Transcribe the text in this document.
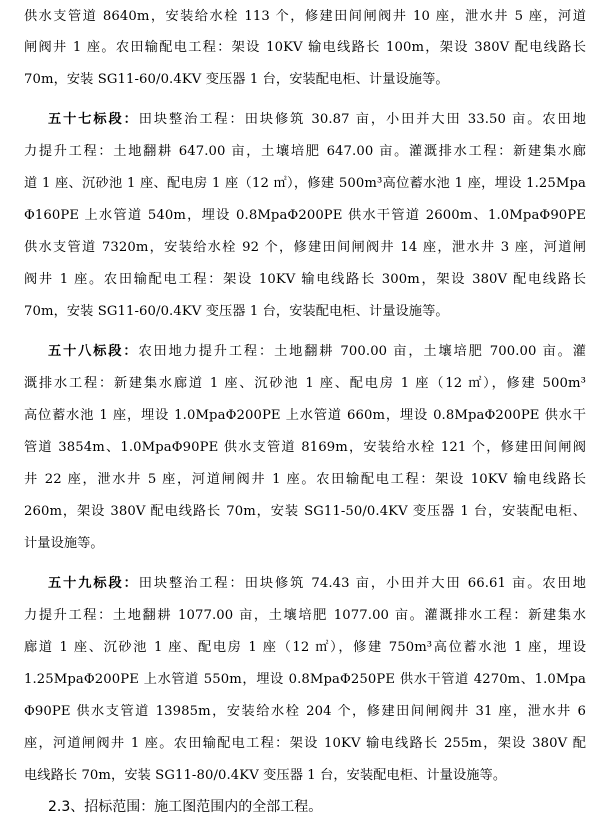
供水支管道 8640m，安装给水栓 113 个，修建田间闸阀井 10 座，泄水井 5 座，河道
闸阀井 1 座。农田输配电工程：架设 10KV 输电线路长 100m，架设 380V 配电线路长
70m，安装 SG11-60/0.4KV 变压器 1 台，安装配电柜、计量设施等。
五十七标段：田块整治工程：田块修筑 30.87 亩，小田并大田 33.50 亩。农田地
力提升工程：土地翻耕 647.00 亩，土壤培肥 647.00 亩。灌溉排水工程：新建集水廊
道 1 座、沉砂池 1 座、配电房 1 座（12 ㎡），修建 500m³高位蓄水池 1 座，埋设 1.25Mpa
Φ160PE 上水管道 540m，埋设 0.8MpaΦ200PE 供水干管道 2600m、1.0MpaΦ90PE
供水支管道 7320m，安装给水栓 92 个，修建田间闸阀井 14 座，泄水井 3 座，河道闸
阀井 1 座。农田输配电工程：架设 10KV 输电线路长 300m，架设 380V 配电线路长
70m，安装 SG11-60/0.4KV 变压器 1 台，安装配电柜、计量设施等。
五十八标段：农田地力提升工程：土地翻耕 700.00 亩，土壤培肥 700.00 亩。灌
溉排水工程：新建集水廊道 1 座、沉砂池 1 座、配电房 1 座（12 ㎡），修建 500m³
高位蓄水池 1 座，埋设 1.0MpaΦ200PE 上水管道 660m，埋设 0.8MpaΦ200PE 供水干
管道 3854m、1.0MpaΦ90PE 供水支管道 8169m，安装给水栓 121 个，修建田间闸阀
井 22 座，泄水井 5 座，河道闸阀井 1 座。农田输配电工程：架设 10KV 输电线路长
260m，架设 380V 配电线路长 70m，安装 SG11-50/0.4KV 变压器 1 台，安装配电柜、
计量设施等。
五十九标段：田块整治工程：田块修筑 74.43 亩，小田并大田 66.61 亩。农田地
力提升工程：土地翻耕 1077.00 亩，土壤培肥 1077.00 亩。灌溉排水工程：新建集水
廊道 1 座、沉砂池 1 座、配电房 1 座（12 ㎡），修建 750m³高位蓄水池 1 座，埋设
1.25MpaΦ200PE 上水管道 550m，埋设 0.8MpaΦ250PE 供水干管道 4270m、1.0Mpa
Φ90PE 供水支管道 13985m，安装给水栓 204 个，修建田间闸阀井 31 座，泄水井 6
座，河道闸阀井 1 座。农田输配电工程：架设 10KV 输电线路长 255m，架设 380V 配
电线路长 70m，安装 SG11-80/0.4KV 变压器 1 台，安装配电柜、计量设施等。
2.3、招标范围：施工图范围内的全部工程。
